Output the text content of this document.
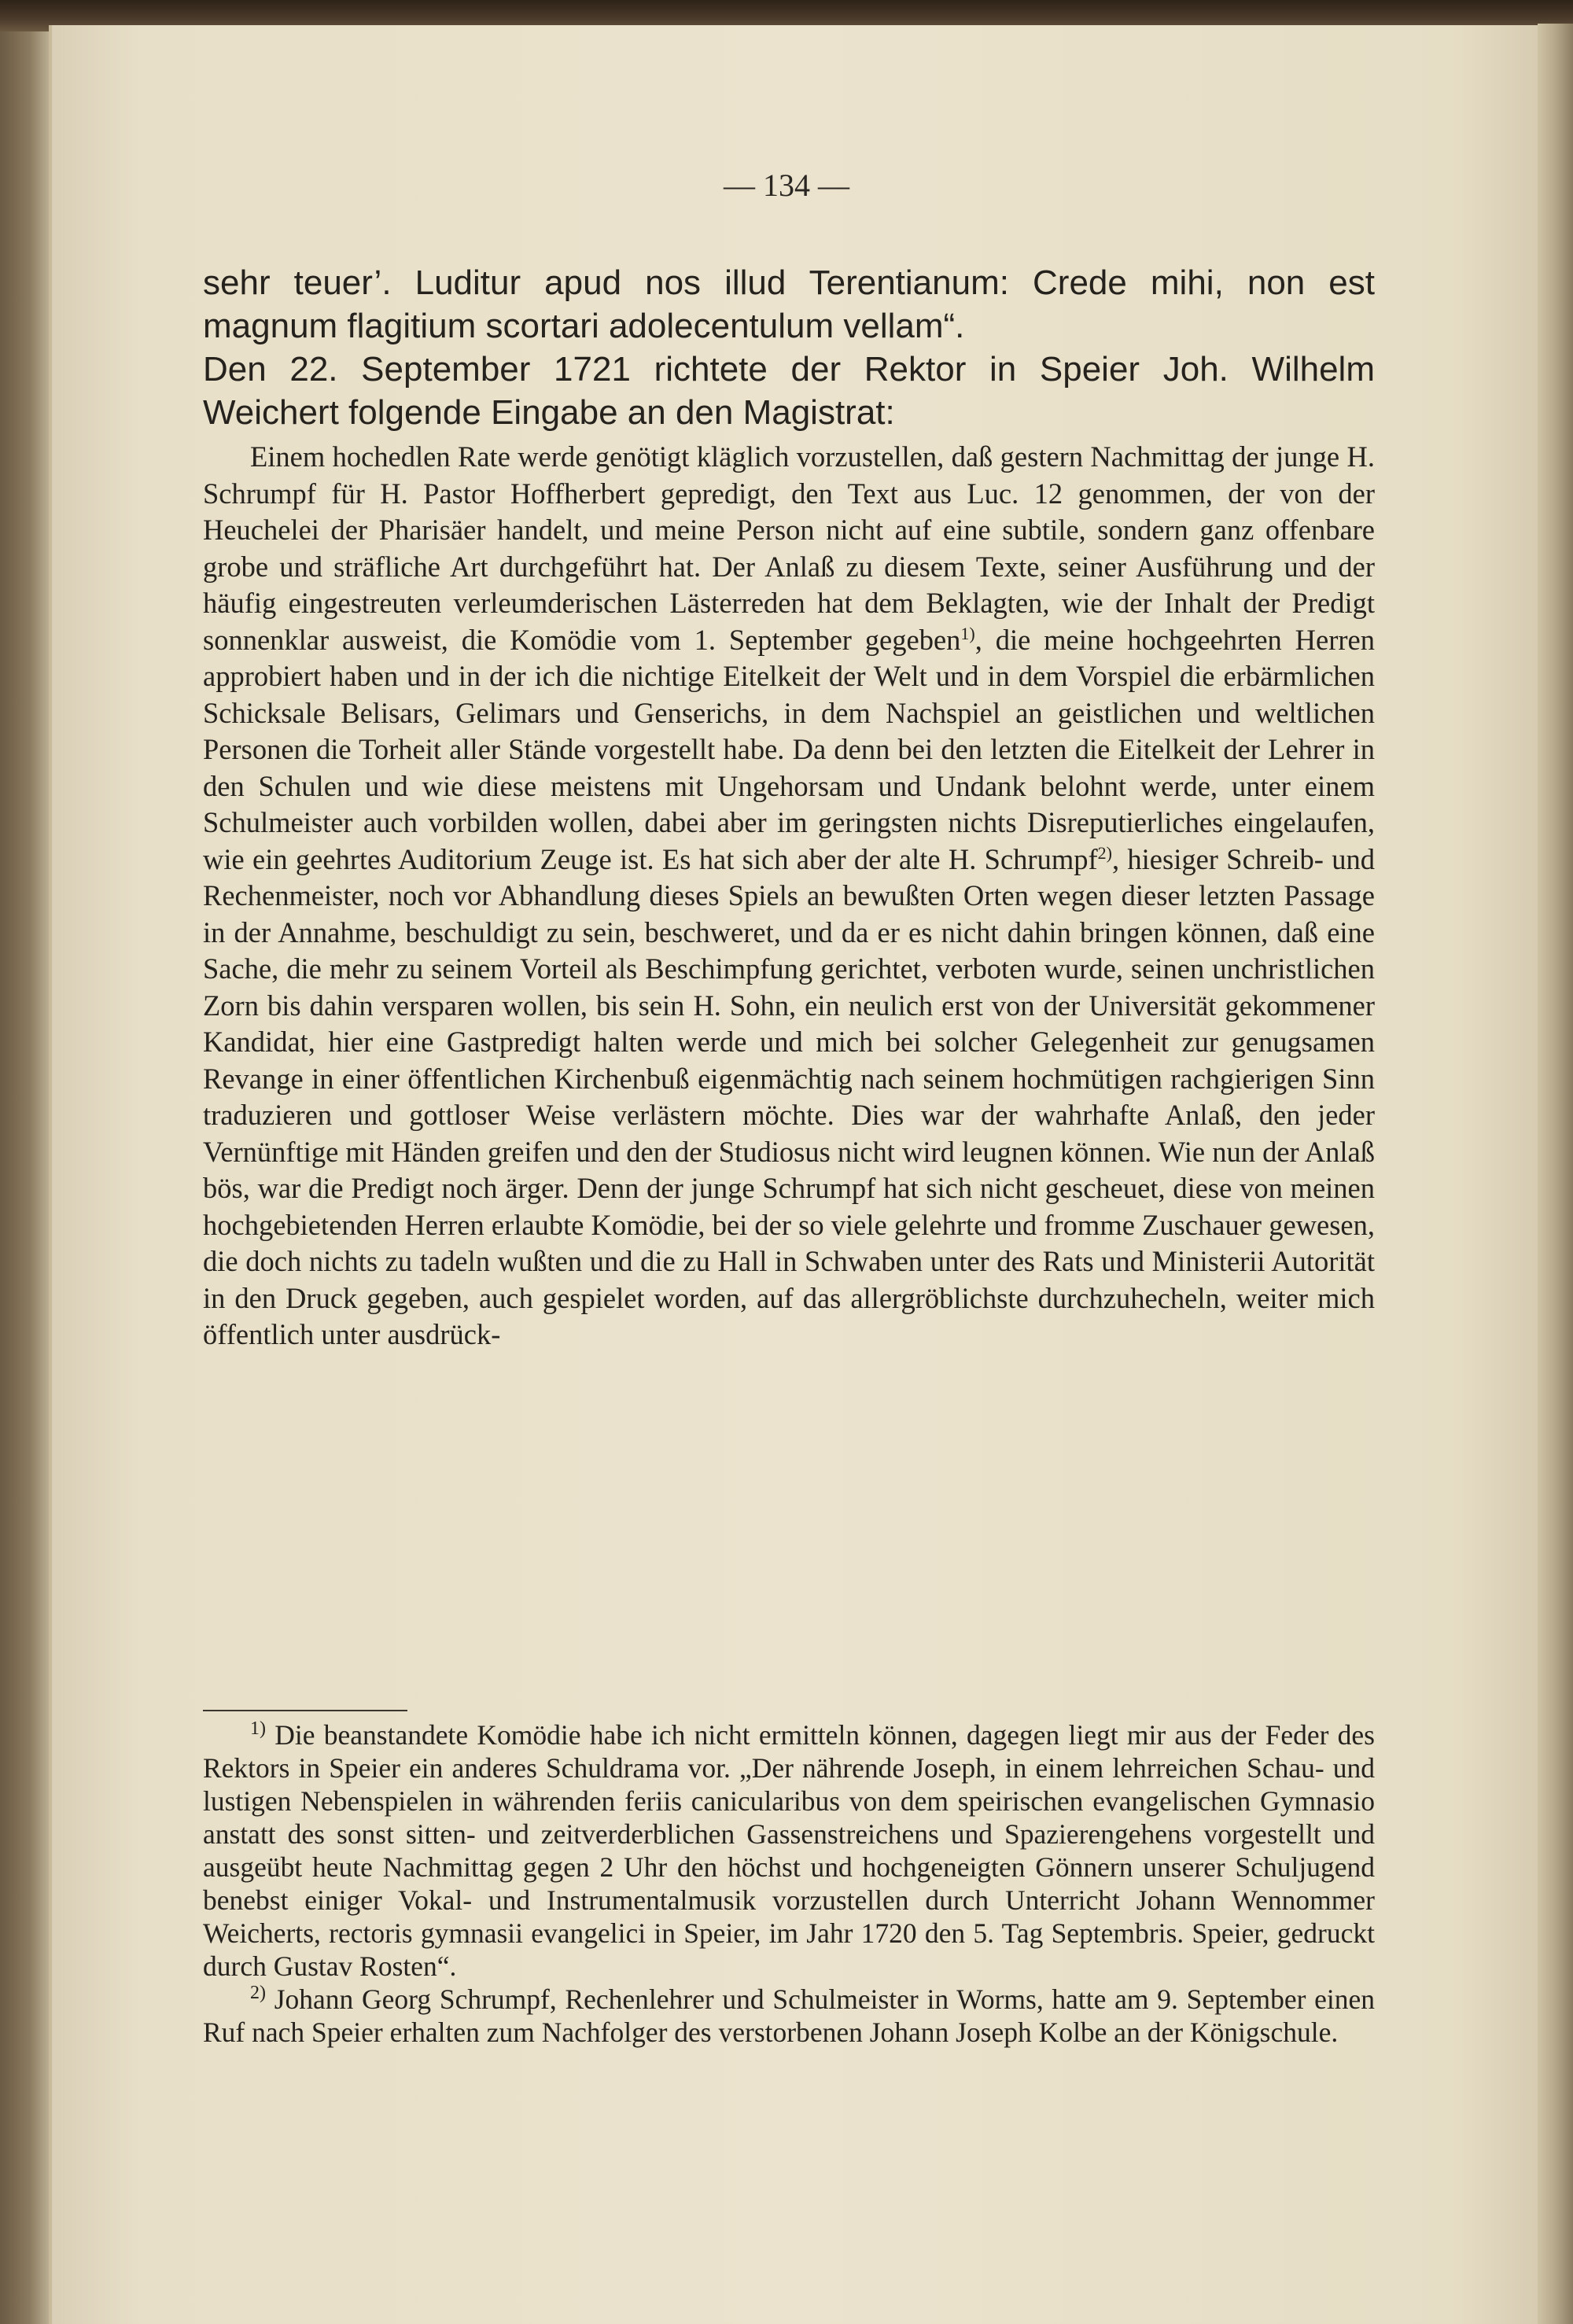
— 134 —

sehr teuer’. Luditur apud nos illud Terentianum: Crede mihi, non est magnum flagitium scortari adolecentulum vellam“.

Den 22. September 1721 richtete der Rektor in Speier Joh. Wilhelm Weichert folgende Eingabe an den Magistrat:

Einem hochedlen Rate werde genötigt kläglich vorzustellen, daß gestern Nachmittag der junge H. Schrumpf für H. Pastor Hoffherbert gepredigt, den Text aus Luc. 12 genommen, der von der Heuchelei der Pharisäer handelt, und meine Person nicht auf eine subtile, sondern ganz offenbare grobe und sträfliche Art durchgeführt hat. Der Anlaß zu diesem Texte, seiner Ausführung und der häufig eingestreuten verleumderischen Lästerreden hat dem Beklagten, wie der Inhalt der Predigt sonnenklar ausweist, die Komödie vom 1. September gegeben$^{1)}$, die meine hochgeehrten Herren approbiert haben und in der ich die nichtige Eitelkeit der Welt und in dem Vorspiel die erbärmlichen Schicksale Belisars, Gelimars und Genserichs, in dem Nachspiel an geistlichen und weltlichen Personen die Torheit aller Stände vorgestellt habe. Da denn bei den letzten die Eitelkeit der Lehrer in den Schulen und wie diese meistens mit Ungehorsam und Undank belohnt werde, unter einem Schulmeister auch vorbilden wollen, dabei aber im geringsten nichts Disreputierliches eingelaufen, wie ein geehrtes Auditorium Zeuge ist. Es hat sich aber der alte H. Schrumpf$^{2)}$, hiesiger Schreib- und Rechenmeister, noch vor Abhandlung dieses Spiels an bewußten Orten wegen dieser letzten Passage in der Annahme, beschuldigt zu sein, beschweret, und da er es nicht dahin bringen können, daß eine Sache, die mehr zu seinem Vorteil als Beschimpfung gerichtet, verboten wurde, seinen unchristlichen Zorn bis dahin versparen wollen, bis sein H. Sohn, ein neulich erst von der Universität gekommener Kandidat, hier eine Gastpredigt halten werde und mich bei solcher Gelegenheit zur genugsamen Revange in einer öffentlichen Kirchenbuß eigenmächtig nach seinem hochmütigen rachgierigen Sinn traduzieren und gottloser Weise verlästern möchte. Dies war der wahrhafte Anlaß, den jeder Vernünftige mit Händen greifen und den der Studiosus nicht wird leugnen können. Wie nun der Anlaß bös, war die Predigt noch ärger. Denn der junge Schrumpf hat sich nicht gescheuet, diese von meinen hochgebietenden Herren erlaubte Komödie, bei der so viele gelehrte und fromme Zuschauer gewesen, die doch nichts zu tadeln wußten und die zu Hall in Schwaben unter des Rats und Ministerii Autorität in den Druck gegeben, auch gespielet worden, auf das allergröblichste durchzuhecheln, weiter mich öffentlich unter ausdrück-

$^{1)}$ Die beanstandete Komödie habe ich nicht ermitteln können, dagegen liegt mir aus der Feder des Rektors in Speier ein anderes Schuldrama vor. „Der nährende Joseph, in einem lehrreichen Schau- und lustigen Nebenspielen in währenden feriis canicularibus von dem speirischen evangelischen Gymnasio anstatt des sonst sitten- und zeitverderblichen Gassenstreichens und Spazierengehens vorgestellt und ausgeübt heute Nachmittag gegen 2 Uhr den höchst und hochgeneigten Gönnern unserer Schuljugend benebst einiger Vokal- und Instrumentalmusik vorzustellen durch Unterricht Johann Wennommer Weicherts, rectoris gymnasii evangelici in Speier, im Jahr 1720 den 5. Tag Septembris. Speier, gedruckt durch Gustav Rosten“.

$^{2)}$ Johann Georg Schrumpf, Rechenlehrer und Schulmeister in Worms, hatte am 9. September einen Ruf nach Speier erhalten zum Nachfolger des verstorbenen Johann Joseph Kolbe an der Königschule.
